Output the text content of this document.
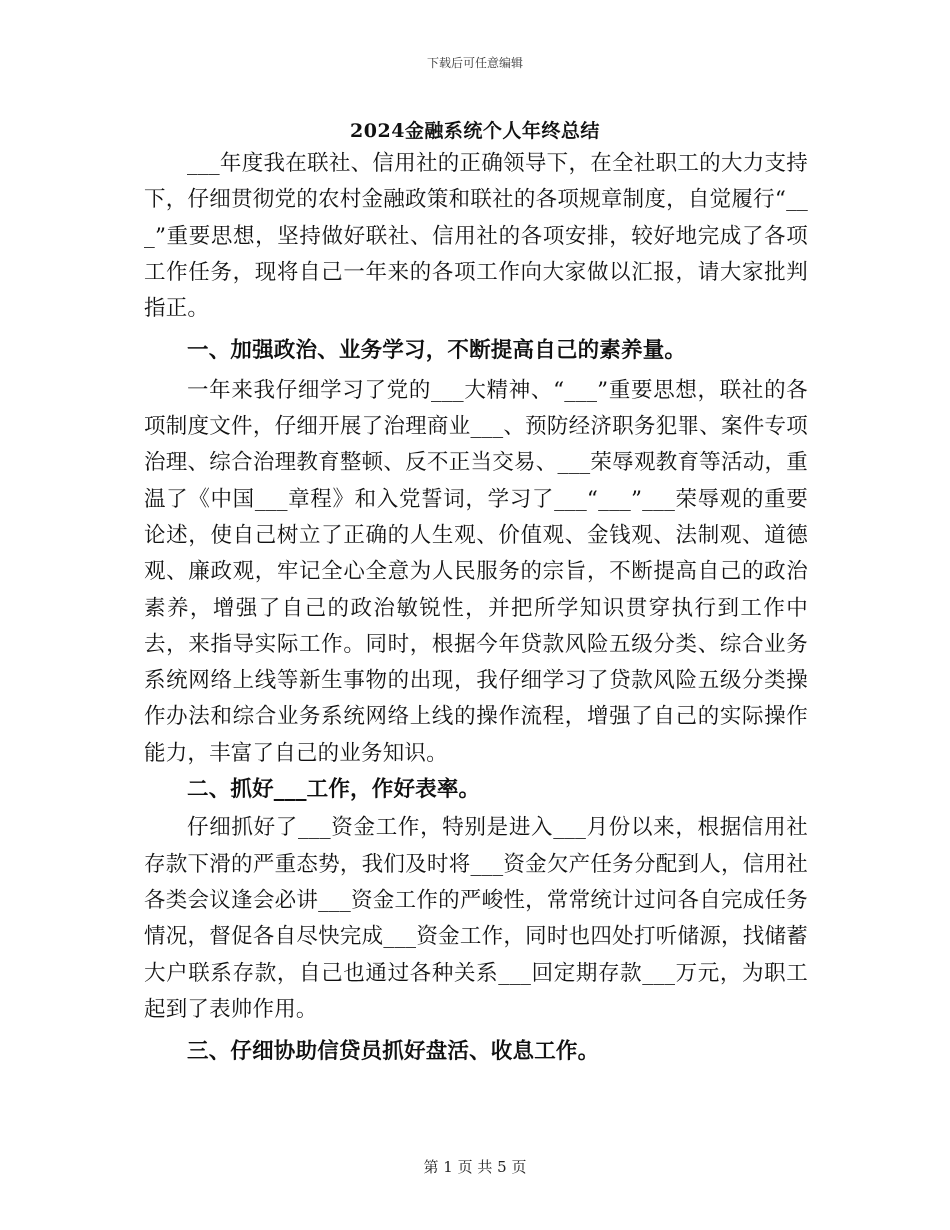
下载后可任意编辑
2024金融系统个人年终总结

___年度我在联社、信用社的正确领导下，在全社职工的大力支持下，仔细贯彻党的农村金融政策和联社的各项规章制度，自觉履行“___”重要思想，坚持做好联社、信用社的各项安排，较好地完成了各项工作任务，现将自己一年来的各项工作向大家做以汇报，请大家批判指正。

一、加强政治、业务学习，不断提高自己的素养量。

一年来我仔细学习了党的___大精神、“___”重要思想，联社的各项制度文件，仔细开展了治理商业___、预防经济职务犯罪、案件专项治理、综合治理教育整顿、反不正当交易、___荣辱观教育等活动，重温了《中国___章程》和入党誓词，学习了___“___”___荣辱观的重要论述，使自己树立了正确的人生观、价值观、金钱观、法制观、道德观、廉政观，牢记全心全意为人民服务的宗旨，不断提高自己的政治素养，增强了自己的政治敏锐性，并把所学知识贯穿执行到工作中去，来指导实际工作。同时，根据今年贷款风险五级分类、综合业务系统网络上线等新生事物的出现，我仔细学习了贷款风险五级分类操作办法和综合业务系统网络上线的操作流程，增强了自己的实际操作能力，丰富了自己的业务知识。

二、抓好___工作，作好表率。

仔细抓好了___资金工作，特别是进入___月份以来，根据信用社存款下滑的严重态势，我们及时将___资金欠产任务分配到人，信用社各类会议逢会必讲___资金工作的严峻性，常常统计过问各自完成任务情况，督促各自尽快完成___资金工作，同时也四处打听储源，找储蓄大户联系存款，自己也通过各种关系___回定期存款___万元，为职工起到了表帅作用。

三、仔细协助信贷员抓好盘活、收息工作。

第 1 页 共 5 页
